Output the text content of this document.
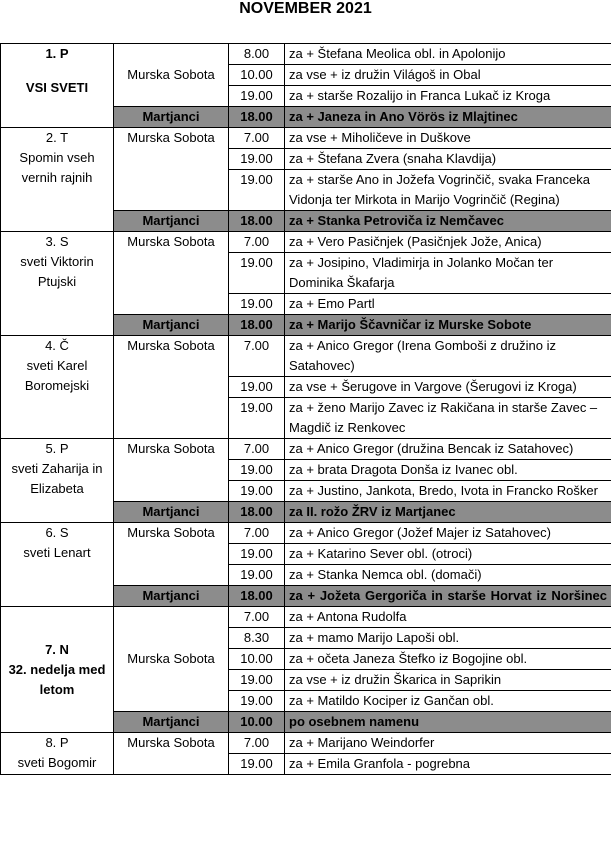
NOVEMBER 2021
1. P
VSI SVETI	Murska Sobota	8.00	za + Štefana Meolica obl. in Apolonijo
		10.00	za vse + iz družin Világoš in Obal
		19.00	za + starše Rozalijo in Franca Lukač iz Kroga
	Martjanci	18.00	za + Janeza in Ano Vörös iz Mlajtinec

2. T
Spomin vseh vernih rajnih	Murska Sobota	7.00	za vse + Miholičeve in Duškove
		19.00	za + Štefana Zvera (snaha Klavdija)
		19.00	za + starše Ano in Jožefa Vogrinčič, svaka Franceka Vidonja ter Mirkota in Marijo Vogrinčič (Regina)
	Martjanci	18.00	za + Stanka Petroviča iz Nemčavec

3. S
sveti Viktorin Ptujski	Murska Sobota	7.00	za + Vero Pasičnjek (Pasičnjek Jože, Anica)
		19.00	za + Josipino, Vladimirja in Jolanko Močan ter Dominika Škafarja
		19.00	za + Emo Partl
	Martjanci	18.00	za + Marijo Ščavničar iz Murske Sobote

4. Č
sveti Karel Boromejski	Murska Sobota	7.00	za + Anico Gregor (Irena Gomboši z družino iz Satahovec)
		19.00	za vse + Šerugove in Vargove (Šerugovi iz Kroga)
		19.00	za + ženo Marijo Zavec iz Rakičana in starše Zavec – Magdič iz Renkovec

5. P
sveti Zaharija in Elizabeta	Murska Sobota	7.00	za + Anico Gregor (družina Bencak iz Satahovec)
		19.00	za + brata Dragota Donša iz Ivanec obl.
		19.00	za + Justino, Jankota, Bredo, Ivota in Francko Rošker
	Martjanci	18.00	za II. rožo ŽRV iz Martjanec

6. S
sveti Lenart	Murska Sobota	7.00	za + Anico Gregor (Jožef Majer iz Satahovec)
		19.00	za + Katarino Sever obl. (otroci)
		19.00	za + Stanka Nemca obl. (domači)
	Martjanci	18.00	za + Jožeta Gergoriča in starše Horvat iz Noršinec

7. N
32. nedelja med letom	Murska Sobota	7.00	za + Antona Rudolfa
		8.30	za + mamo Marijo Lapoši obl.
		10.00	za + očeta Janeza Štefko iz Bogojine obl.
		19.00	za vse + iz družin Škarica in Saprikin
		19.00	za + Matildo Kociper iz Gančan obl.
	Martjanci	10.00	po osebnem namenu

8. P
sveti Bogomir	Murska Sobota	7.00	za + Marijano Weindorfer
		19.00	za + Emila Granfola - pogrebna
